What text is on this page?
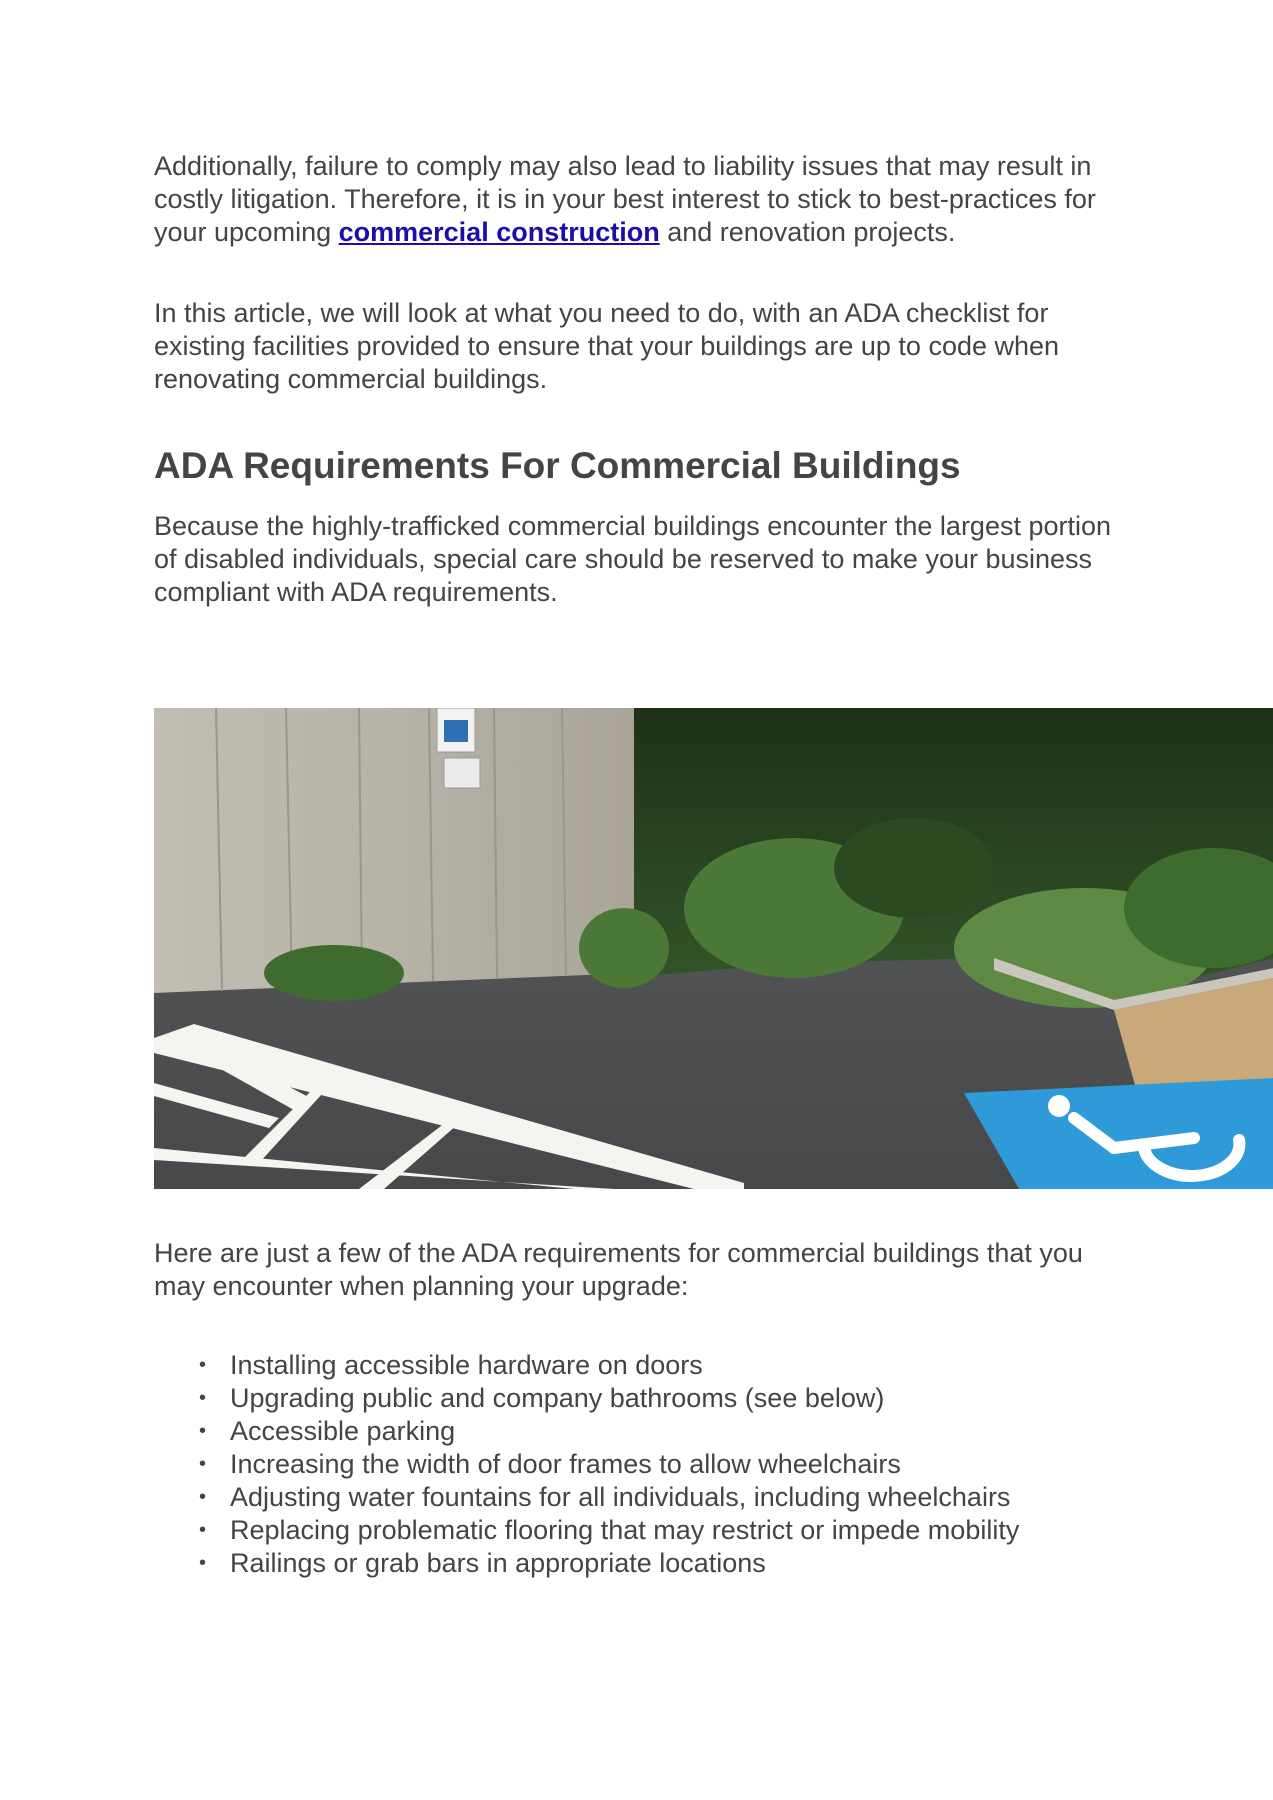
Additionally, failure to comply may also lead to liability issues that may result in costly litigation. Therefore, it is in your best interest to stick to best-practices for your upcoming commercial construction and renovation projects.

In this article, we will look at what you need to do, with an ADA checklist for existing facilities provided to ensure that your buildings are up to code when renovating commercial buildings.

ADA Requirements For Commercial Buildings

Because the highly-trafficked commercial buildings encounter the largest portion of disabled individuals, special care should be reserved to make your business compliant with ADA requirements.

Here are just a few of the ADA requirements for commercial buildings that you may encounter when planning your upgrade:

• Installing accessible hardware on doors
• Upgrading public and company bathrooms (see below)
• Accessible parking
• Increasing the width of door frames to allow wheelchairs
• Adjusting water fountains for all individuals, including wheelchairs
• Replacing problematic flooring that may restrict or impede mobility
• Railings or grab bars in appropriate locations
